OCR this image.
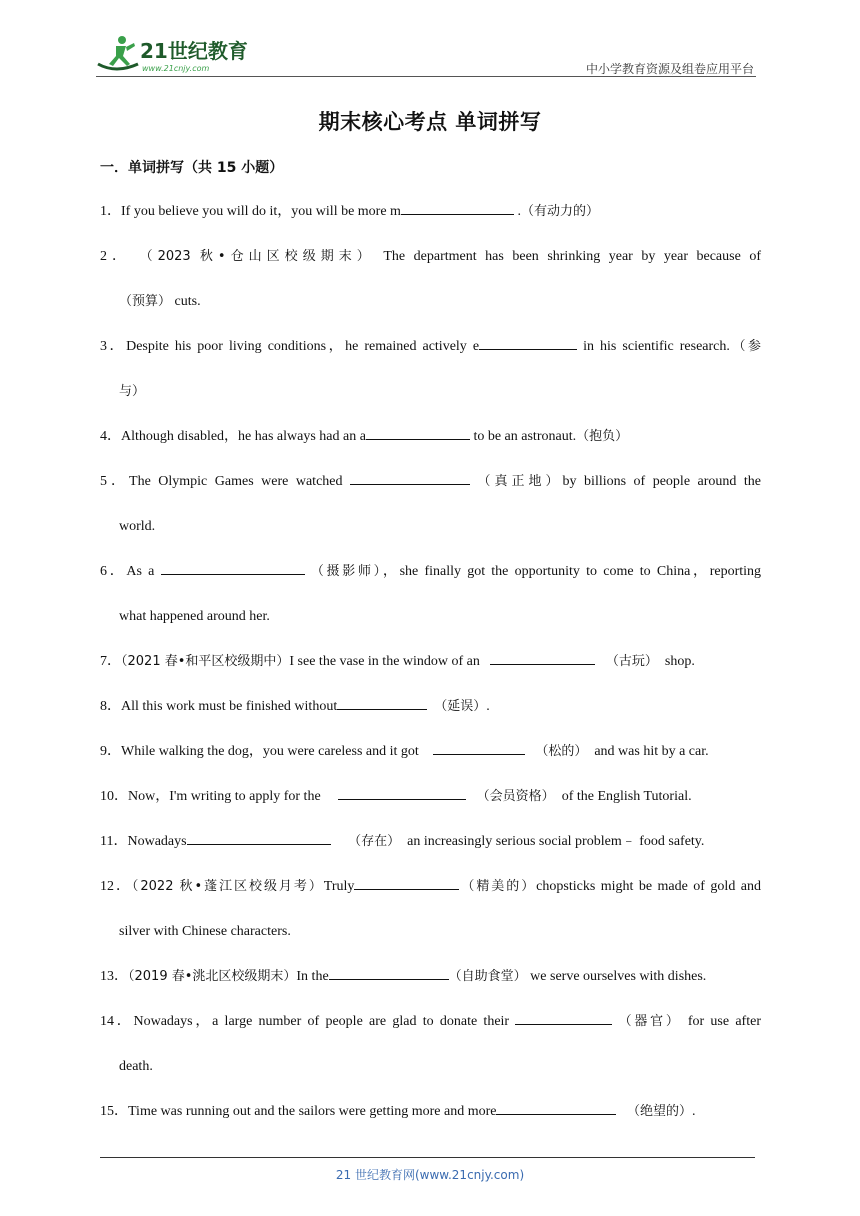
21世纪教育
www.21cnjy.com	中小学教育资源及组卷应用平台
期末核心考点 单词拼写
一．单词拼写（共 15 小题）
1．If you believe you will do it，you will be more m	.（有动力的）
2． （2023 秋•仓山区校级期末） The department has been shrinking year by year because of
（预算） cuts.
3．Despite his poor living conditions，he remained actively e	in his scientific research.（参
与）
4．Although disabled，he has always had an a	to be an astronaut.（抱负）
5．The Olympic Games were watched	（真正地）by billions of people around the
world.
6．As a	（摄影师），she finally got the opportunity to come to China，reporting
what happened around her.
7．（2021 春•和平区校级期中）I see the vase in the window of an	（古玩） shop.
8．All this work must be finished without	（延误）.
9．While walking the dog，you were careless and it got	（松的） and was hit by a car.
10．Now，I'm writing to apply for the	（会员资格） of the English Tutorial.
11．Nowadays	（存在） an increasingly serious social problem﹣ food safety.
12．（2022 秋•蓬江区校级月考）Truly	（精美的）chopsticks might be made of gold and
silver with Chinese characters.
13．（2019 春•洮北区校级期末）In the	（自助食堂） we serve ourselves with dishes.
14．Nowadays，a large number of people are glad to donate their	（器官） for use after
death.
15．Time was running out and the sailors were getting more and more	（绝望的）.
21 世纪教育网(www.21cnjy.com)
